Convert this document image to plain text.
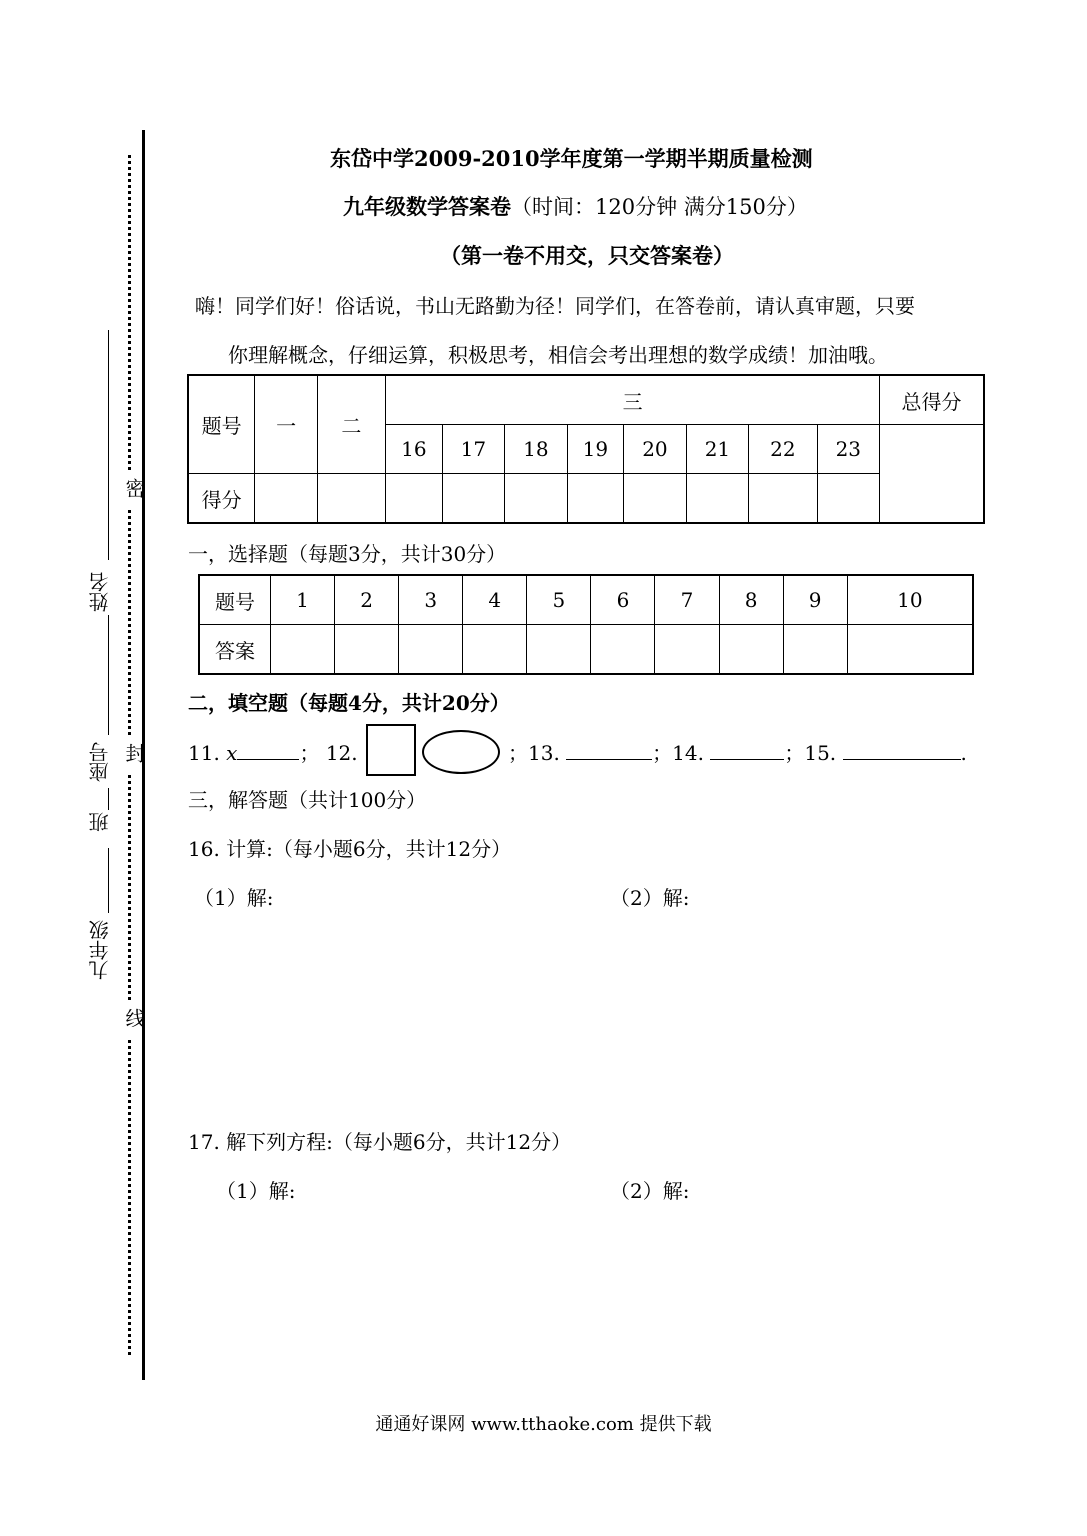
密
封
线
姓名
座号
班
九年级
东岱中学2009-2010学年度第一学期半期质量检测
九年级数学答案卷（时间：120分钟 满分150分）
（第一卷不用交，只交答案卷）
嗨！同学们好！俗话说，书山无路勤为径！同学们，在答卷前，请认真审题，只要
你理解概念，仔细运算，积极思考，相信会考出理想的数学成绩！加油哦。
题号	一	二	三								总得分
			16	17	18	19	20	21	22	23	
得分											
一，选择题（每题3分，共计30分）
题号	1	2	3	4	5	6	7	8	9	10
答案										
二，填空题（每题4分，共计20分）
11. x	； 12.	；13.	；14.	；15.	.
三，解答题（共计100分）
16. 计算:（每小题6分，共计12分）
（1）解:	（2）解:
17. 解下列方程:（每小题6分，共计12分）
（1）解:	（2）解:
通通好课网 www.tthaoke.com 提供下载
